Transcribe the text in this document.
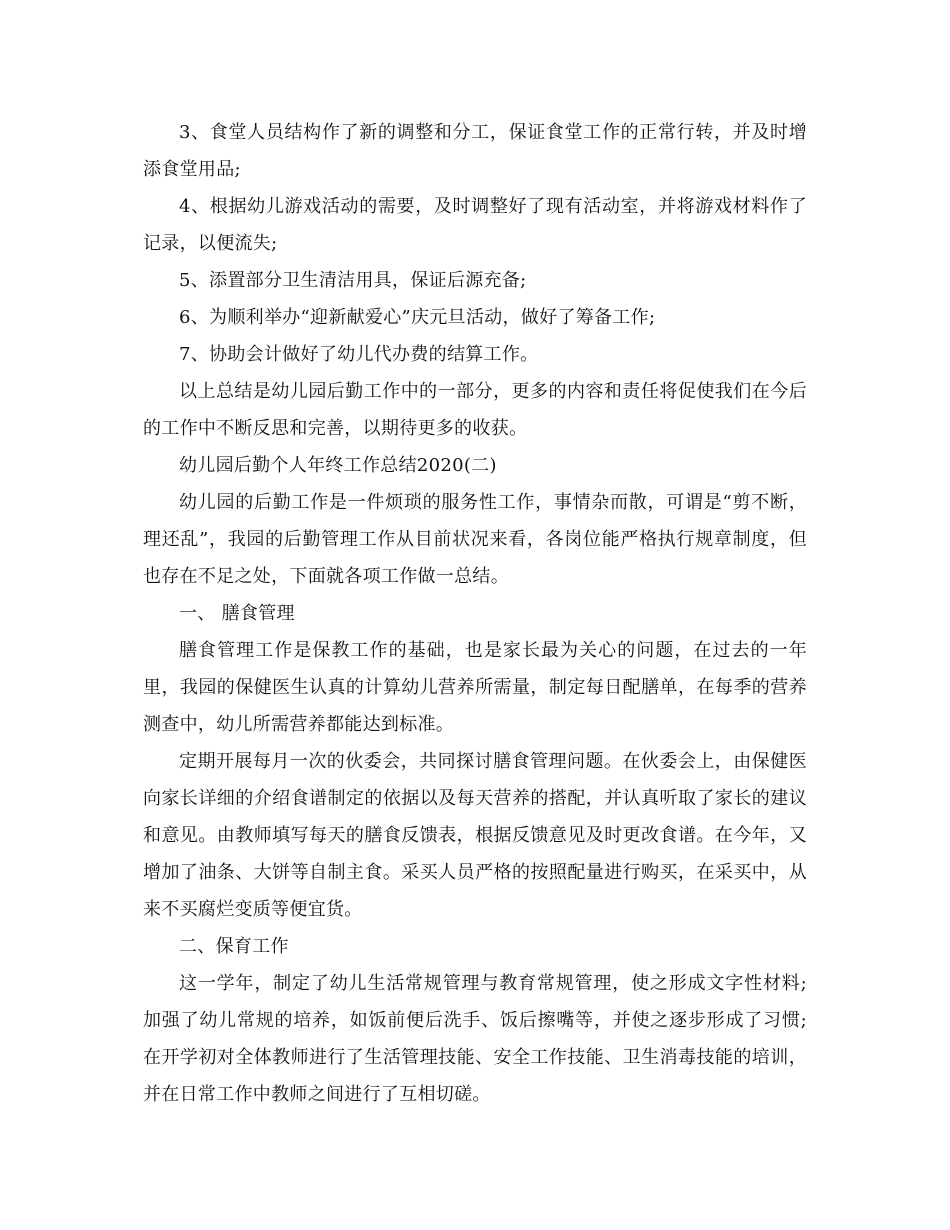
3、食堂人员结构作了新的调整和分工，保证食堂工作的正常行转，并及时增添食堂用品;

4、根据幼儿游戏活动的需要，及时调整好了现有活动室，并将游戏材料作了记录，以便流失;

5、添置部分卫生清洁用具，保证后源充备;

6、为顺利举办“迎新献爱心”庆元旦活动，做好了筹备工作;

7、协助会计做好了幼儿代办费的结算工作。

以上总结是幼儿园后勤工作中的一部分，更多的内容和责任将促使我们在今后的工作中不断反思和完善，以期待更多的收获。

幼儿园后勤个人年终工作总结2020(二)

幼儿园的后勤工作是一件烦琐的服务性工作，事情杂而散，可谓是“剪不断，理还乱”，我园的后勤管理工作从目前状况来看，各岗位能严格执行规章制度，但也存在不足之处，下面就各项工作做一总结。

一、 膳食管理

膳食管理工作是保教工作的基础，也是家长最为关心的问题，在过去的一年里，我园的保健医生认真的计算幼儿营养所需量，制定每日配膳单，在每季的营养测查中，幼儿所需营养都能达到标准。

定期开展每月一次的伙委会，共同探讨膳食管理问题。在伙委会上，由保健医向家长详细的介绍食谱制定的依据以及每天营养的搭配，并认真听取了家长的建议和意见。由教师填写每天的膳食反馈表，根据反馈意见及时更改食谱。在今年，又增加了油条、大饼等自制主食。采买人员严格的按照配量进行购买，在采买中，从来不买腐烂变质等便宜货。

二、保育工作

这一学年，制定了幼儿生活常规管理与教育常规管理，使之形成文字性材料;加强了幼儿常规的培养，如饭前便后洗手、饭后擦嘴等，并使之逐步形成了习惯;在开学初对全体教师进行了生活管理技能、安全工作技能、卫生消毒技能的培训，并在日常工作中教师之间进行了互相切磋。
